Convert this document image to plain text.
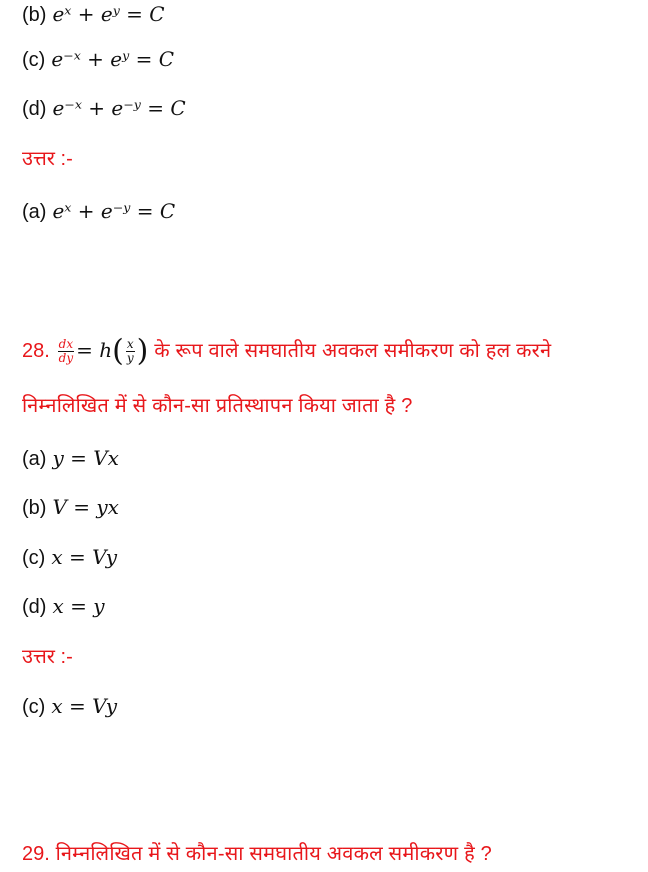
(b) eˣ + eʸ = C
(c) e⁻ˣ + eʸ = C
(d) e⁻ˣ + e⁻ʸ = C
उत्तर :-
(a) eˣ + e⁻ʸ = C
28. $\frac{dx}{dy} = h( \frac{x}{y}$ ) के रूप वाले समघातीय अवकल समीकरण को हल करने
निम्नलिखित में से कौन-सा प्रतिस्थापन किया जाता है ?
(a) y = Vx
(b) V = yx
(c) x = Vy
(d) x = y
उत्तर :-
(c) x = Vy
29. निम्नलिखित में से कौन-सा समघातीय अवकल समीकरण है ?
